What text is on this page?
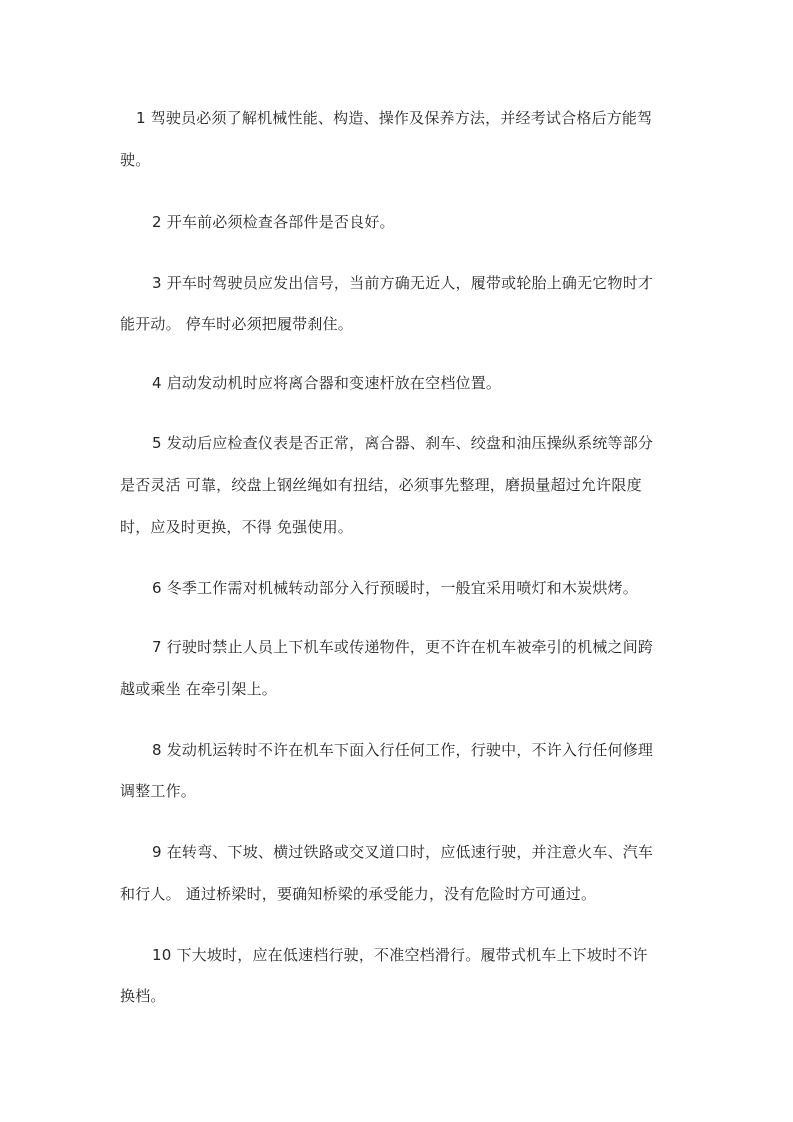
1 驾驶员必须了解机械性能、构造、操作及保养方法，并经考试合格后方能驾
驶。
2 开车前必须检查各部件是否良好。
3 开车时驾驶员应发出信号，当前方确无近人，履带或轮胎上确无它物时才
能开动。 停车时必须把履带刹住。
4 启动发动机时应将离合器和变速杆放在空档位置。
5 发动后应检查仪表是否正常，离合器、刹车、绞盘和油压操纵系统等部分
是否灵活 可靠，绞盘上钢丝绳如有扭结，必须事先整理，磨损量超过允许限度
时，应及时更换，不得 免强使用。
6 冬季工作需对机械转动部分入行预暖时，一般宜采用喷灯和木炭烘烤。
7 行驶时禁止人员上下机车或传递物件，更不许在机车被牵引的机械之间跨
越或乘坐 在牵引架上。
8 发动机运转时不许在机车下面入行任何工作，行驶中，不许入行任何修理
调整工作。
9 在转弯、下坡、横过铁路或交叉道口时，应低速行驶，并注意火车、汽车
和行人。 通过桥梁时，要确知桥梁的承受能力，没有危险时方可通过。
10 下大坡时，应在低速档行驶，不准空档滑行。履带式机车上下坡时不许
换档。
